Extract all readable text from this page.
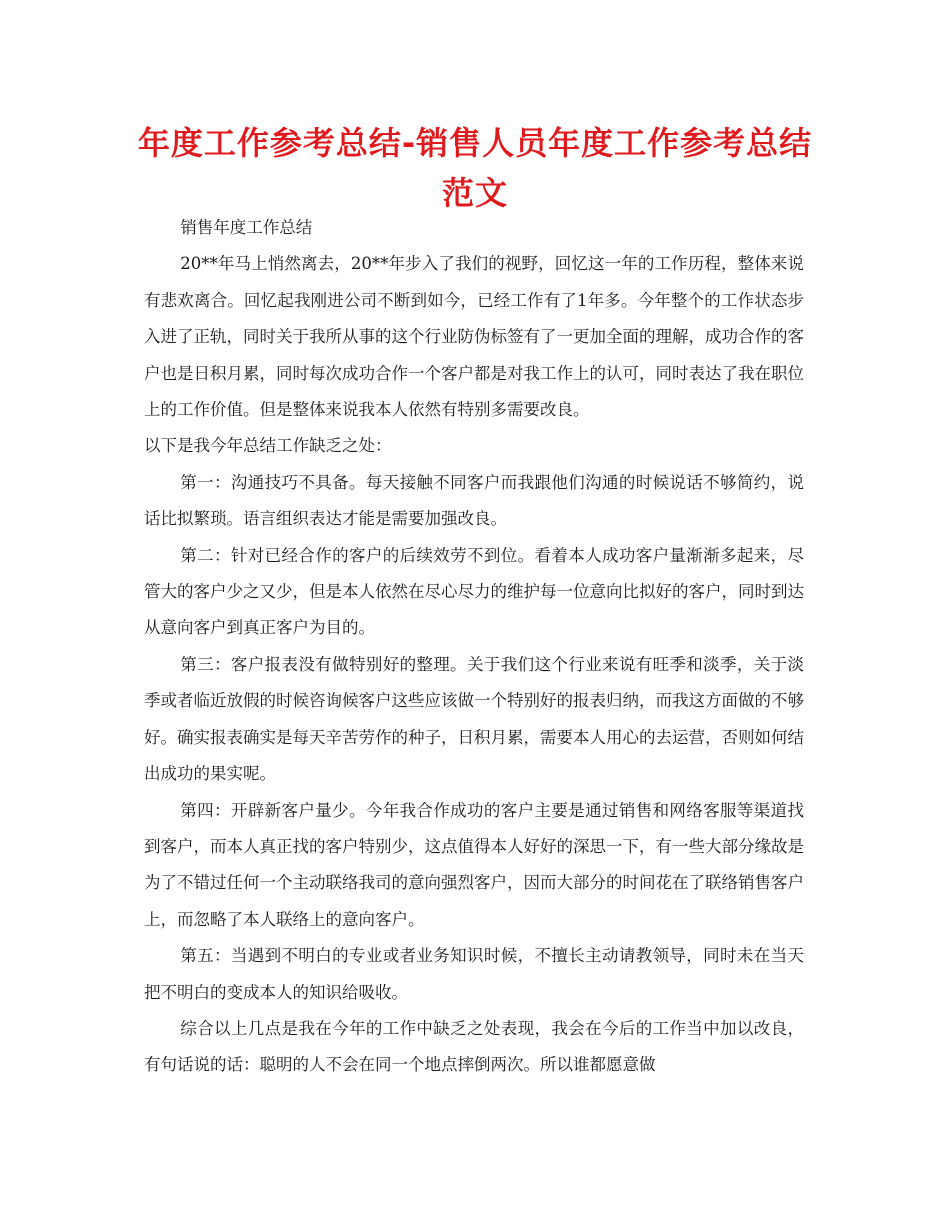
年度工作参考总结-销售人员年度工作参考总结范文

销售年度工作总结

20**年马上悄然离去，20**年步入了我们的视野，回忆这一年的工作历程，整体来说有悲欢离合。回忆起我刚进公司不断到如今，已经工作有了1年多。今年整个的工作状态步入进了正轨，同时关于我所从事的这个行业防伪标签有了一更加全面的理解，成功合作的客户也是日积月累，同时每次成功合作一个客户都是对我工作上的认可，同时表达了我在职位上的工作价值。但是整体来说我本人依然有特别多需要改良。

以下是我今年总结工作缺乏之处：

第一：沟通技巧不具备。每天接触不同客户而我跟他们沟通的时候说话不够简约，说话比拟繁琐。语言组织表达才能是需要加强改良。

第二：针对已经合作的客户的后续效劳不到位。看着本人成功客户量渐渐多起来，尽管大的客户少之又少，但是本人依然在尽心尽力的维护每一位意向比拟好的客户，同时到达从意向客户到真正客户为目的。

第三：客户报表没有做特别好的整理。关于我们这个行业来说有旺季和淡季，关于淡季或者临近放假的时候咨询候客户这些应该做一个特别好的报表归纳，而我这方面做的不够好。确实报表确实是每天辛苦劳作的种子，日积月累，需要本人用心的去运营，否则如何结出成功的果实呢。

第四：开辟新客户量少。今年我合作成功的客户主要是通过销售和网络客服等渠道找到客户，而本人真正找的客户特别少，这点值得本人好好的深思一下，有一些大部分缘故是为了不错过任何一个主动联络我司的意向强烈客户，因而大部分的时间花在了联络销售客户上，而忽略了本人联络上的意向客户。

第五：当遇到不明白的专业或者业务知识时候，不擅长主动请教领导，同时未在当天把不明白的变成本人的知识给吸收。

综合以上几点是我在今年的工作中缺乏之处表现，我会在今后的工作当中加以改良，有句话说的话：聪明的人不会在同一个地点摔倒两次。所以谁都愿意做
